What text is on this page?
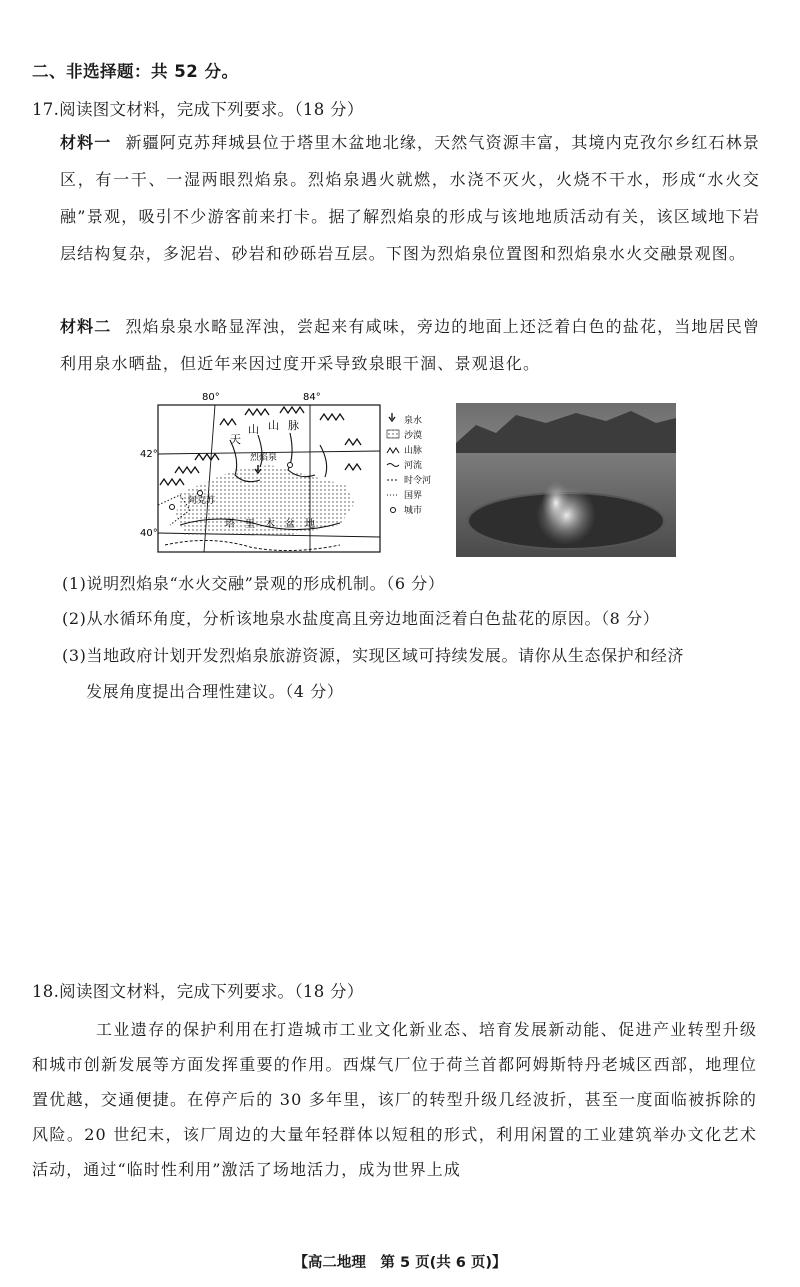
二、非选择题：共 52 分。
17.阅读图文材料，完成下列要求。（18 分）
材料一 新疆阿克苏拜城县位于塔里木盆地北缘，天然气资源丰富，其境内克孜尔乡红石林景区，有一干、一湿两眼烈焰泉。烈焰泉遇火就燃，水浇不灭火，火烧不干水，形成“水火交融”景观，吸引不少游客前来打卡。据了解烈焰泉的形成与该地地质活动有关，该区域地下岩层结构复杂，多泥岩、砂岩和砂砾岩互层。下图为烈焰泉位置图和烈焰泉水火交融景观图。
材料二 烈焰泉泉水略显浑浊，尝起来有咸味，旁边的地面上还泛着白色的盐花，当地居民曾利用泉水晒盐，但近年来因过度开采导致泉眼干涸、景观退化。
80°	84°
42°
40°
天
山 山 脉
烈焰泉
阿克苏
塔 里 木 盆 地
泉水
沙漠
山脉
河流
时令河
国界
城市
(1)说明烈焰泉“水火交融”景观的形成机制。（6 分）
(2)从水循环角度，分析该地泉水盐度高且旁边地面泛着白色盐花的原因。（8 分）
(3)当地政府计划开发烈焰泉旅游资源，实现区域可持续发展。请你从生态保护和经济
发展角度提出合理性建议。（4 分）
18.阅读图文材料，完成下列要求。（18 分）
工业遗存的保护利用在打造城市工业文化新业态、培育发展新动能、促进产业转型升级和城市创新发展等方面发挥重要的作用。西煤气厂位于荷兰首都阿姆斯特丹老城区西部，地理位置优越，交通便捷。在停产后的 30 多年里，该厂的转型升级几经波折，甚至一度面临被拆除的风险。20 世纪末，该厂周边的大量年轻群体以短租的形式，利用闲置的工业建筑举办文化艺术活动，通过“临时性利用”激活了场地活力，成为世界上成
【高二地理　第 5 页(共 6 页)】
